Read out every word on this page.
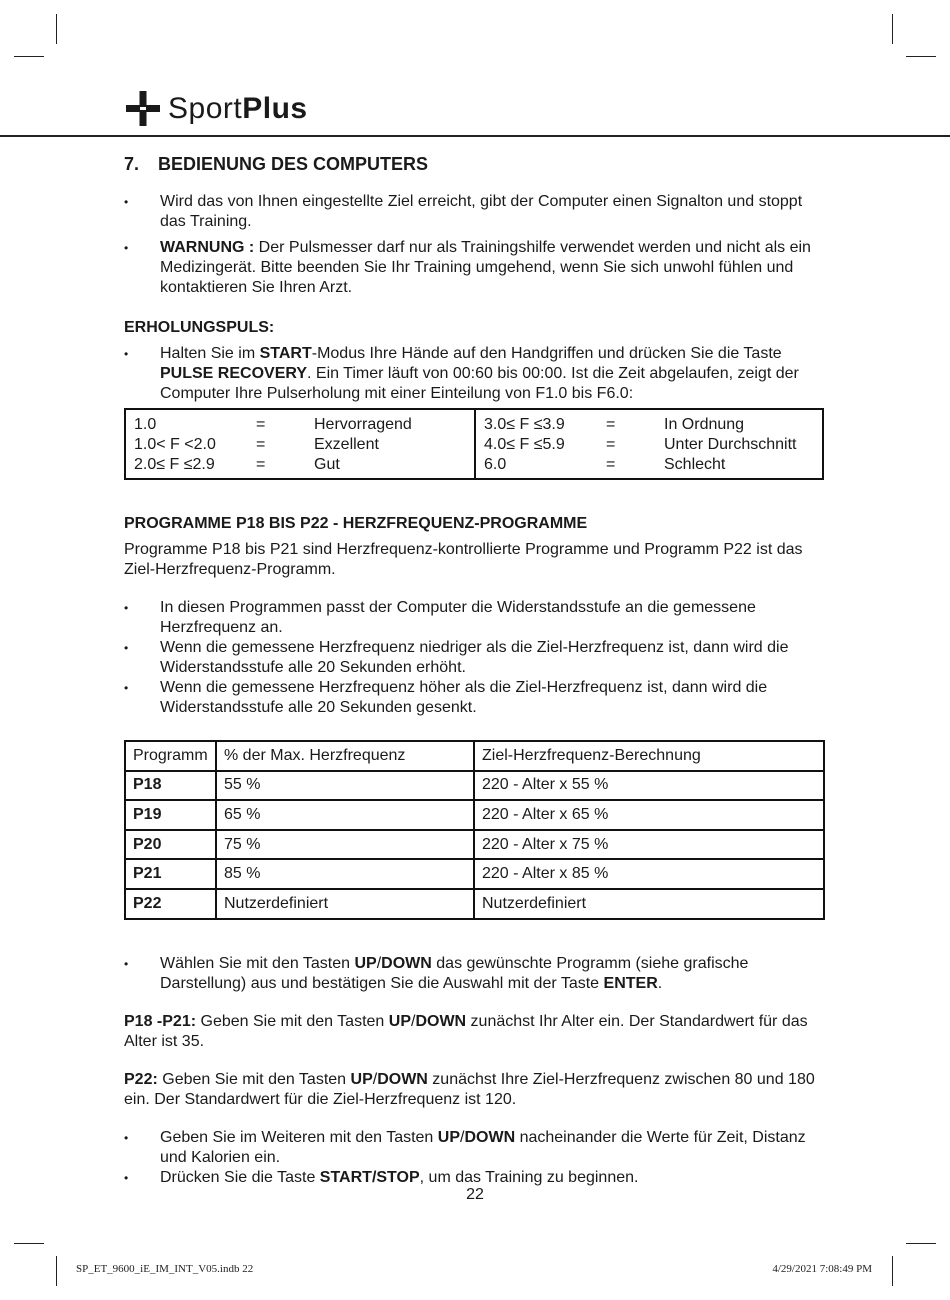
SportPlus
7. BEDIENUNG DES COMPUTERS
• Wird das von Ihnen eingestellte Ziel erreicht, gibt der Computer einen Signalton und stoppt das Training.
• WARNUNG : Der Pulsmesser darf nur als Trainingshilfe verwendet werden und nicht als ein Medizingerät. Bitte beenden Sie Ihr Training umgehend, wenn Sie sich unwohl fühlen und kontaktieren Sie Ihren Arzt.
ERHOLUNGSPULS:
• Halten Sie im START-Modus Ihre Hände auf den Handgriffen und drücken Sie die Taste PULSE RECOVERY. Ein Timer läuft von 00:60 bis 00:00. Ist die Zeit abgelaufen, zeigt der Computer Ihre Pulserholung mit einer Einteilung von F1.0 bis F6.0:
1.0	=	Hervorragend
1.0< F <2.0	=	Exzellent
2.0≤ F ≤2.9	=	Gut
3.0≤ F ≤3.9	=	In Ordnung
4.0≤ F ≤5.9	=	Unter Durchschnitt
6.0	=	Schlecht
PROGRAMME P18 BIS P22 - HERZFREQUENZ-PROGRAMME

Programme P18 bis P21 sind Herzfrequenz-kontrollierte Programme und Programm P22 ist das Ziel-Herzfrequenz-Programm.

• In diesen Programmen passt der Computer die Widerstandsstufe an die gemessene Herzfrequenz an.
• Wenn die gemessene Herzfrequenz niedriger als die Ziel-Herzfrequenz ist, dann wird die Widerstandsstufe alle 20 Sekunden erhöht.
• Wenn die gemessene Herzfrequenz höher als die Ziel-Herzfrequenz ist, dann wird die Widerstandsstufe alle 20 Sekunden gesenkt.
Programm	% der Max. Herzfrequenz	Ziel-Herzfrequenz-Berechnung
P18	55 %	220 - Alter x 55 %
P19	65 %	220 - Alter x 65 %
P20	75 %	220 - Alter x 75 %
P21	85 %	220 - Alter x 85 %
P22	Nutzerdefiniert	Nutzerdefiniert
• Wählen Sie mit den Tasten UP/DOWN das gewünschte Programm (siehe grafische Darstellung) aus und bestätigen Sie die Auswahl mit der Taste ENTER.

P18 -P21: Geben Sie mit den Tasten UP/DOWN zunächst Ihr Alter ein. Der Standardwert für das Alter ist 35.

P22: Geben Sie mit den Tasten UP/DOWN zunächst Ihre Ziel-Herzfrequenz zwischen 80 und 180 ein. Der Standardwert für die Ziel-Herzfrequenz ist 120.

• Geben Sie im Weiteren mit den Tasten UP/DOWN nacheinander die Werte für Zeit, Distanz und Kalorien ein.
• Drücken Sie die Taste START/STOP, um das Training zu beginnen.
22
SP_ET_9600_iE_IM_INT_V05.indb 22	4/29/2021 7:08:49 PM
